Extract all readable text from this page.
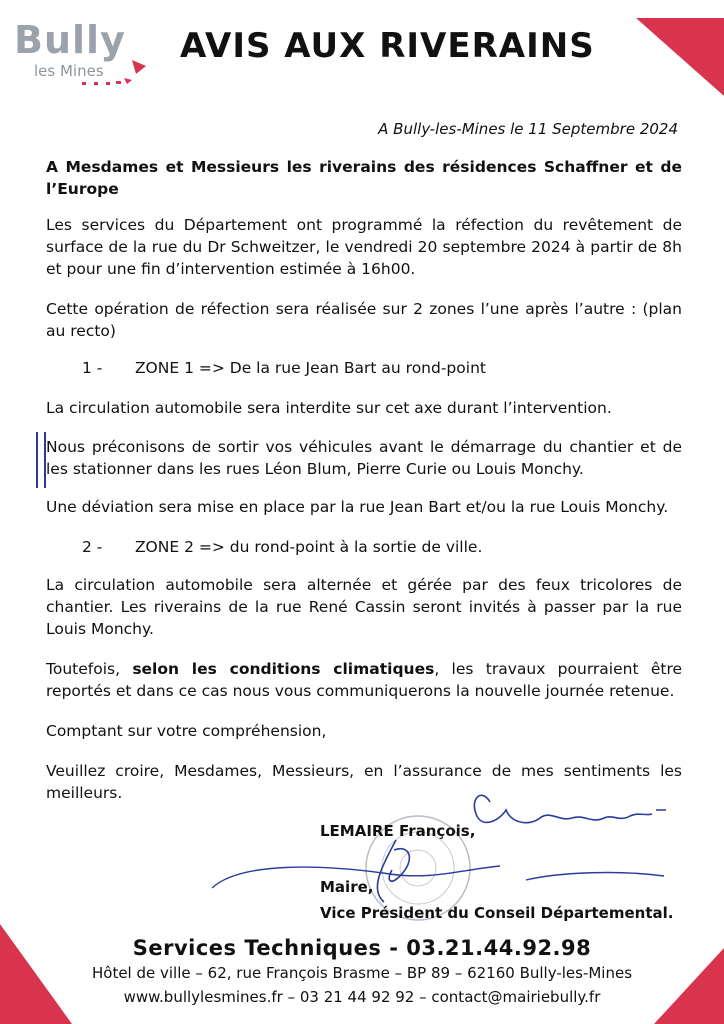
Bully
les Mines
AVIS AUX RIVERAINS
A Bully-les-Mines le 11 Septembre 2024
A Mesdames et Messieurs les riverains des résidences Schaffner et de l’Europe
Les services du Département ont programmé la réfection du revêtement de surface de la rue du Dr Schweitzer, le vendredi 20 septembre 2024 à partir de 8h et pour une fin d’intervention estimée à 16h00.
Cette opération de réfection sera réalisée sur 2 zones l’une après l’autre : (plan au recto)
1 - ZONE 1 => De la rue Jean Bart au rond-point
La circulation automobile sera interdite sur cet axe durant l’intervention.
Nous préconisons de sortir vos véhicules avant le démarrage du chantier et de les stationner dans les rues Léon Blum, Pierre Curie ou Louis Monchy.
Une déviation sera mise en place par la rue Jean Bart et/ou la rue Louis Monchy.
2 - ZONE 2 => du rond-point à la sortie de ville.
La circulation automobile sera alternée et gérée par des feux tricolores de chantier. Les riverains de la rue René Cassin seront invités à passer par la rue Louis Monchy.
Toutefois, selon les conditions climatiques, les travaux pourraient être reportés et dans ce cas nous vous communiquerons la nouvelle journée retenue.
Comptant sur votre compréhension,
Veuillez croire, Mesdames, Messieurs, en l’assurance de mes sentiments les meilleurs.
LEMAIRE François,
Maire,
Vice Président du Conseil Départemental.
Services Techniques - 03.21.44.92.98
Hôtel de ville – 62, rue François Brasme – BP 89 – 62160 Bully-les-Mines
www.bullylesmines.fr – 03 21 44 92 92 – contact@mairiebully.fr
